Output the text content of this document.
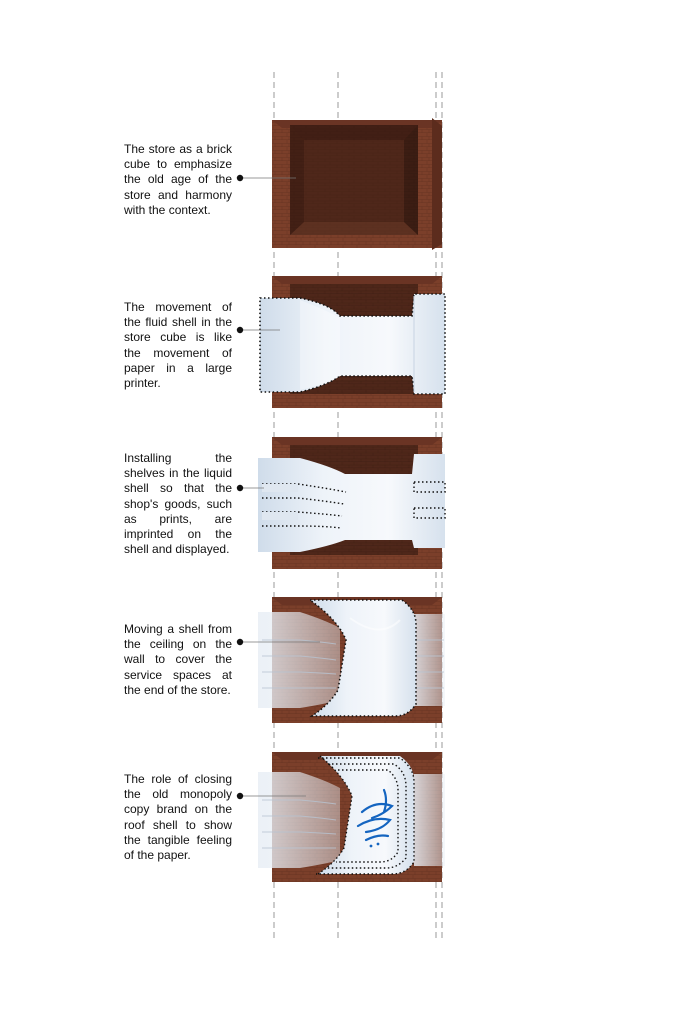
The store as a brick cube to emphasize the old age of the store and harmony with the context.

The movement of the fluid shell in the store cube is like the movement of paper in a large printer.

Installing the shelves in the liquid shell so that the shop's goods, such as prints, are imprinted on the shell and displayed.

Moving a shell from the ceiling on the wall to cover the service spaces at the end of the store.

The role of closing the old monopoly copy brand on the roof shell to show the tangible feeling of the paper.
